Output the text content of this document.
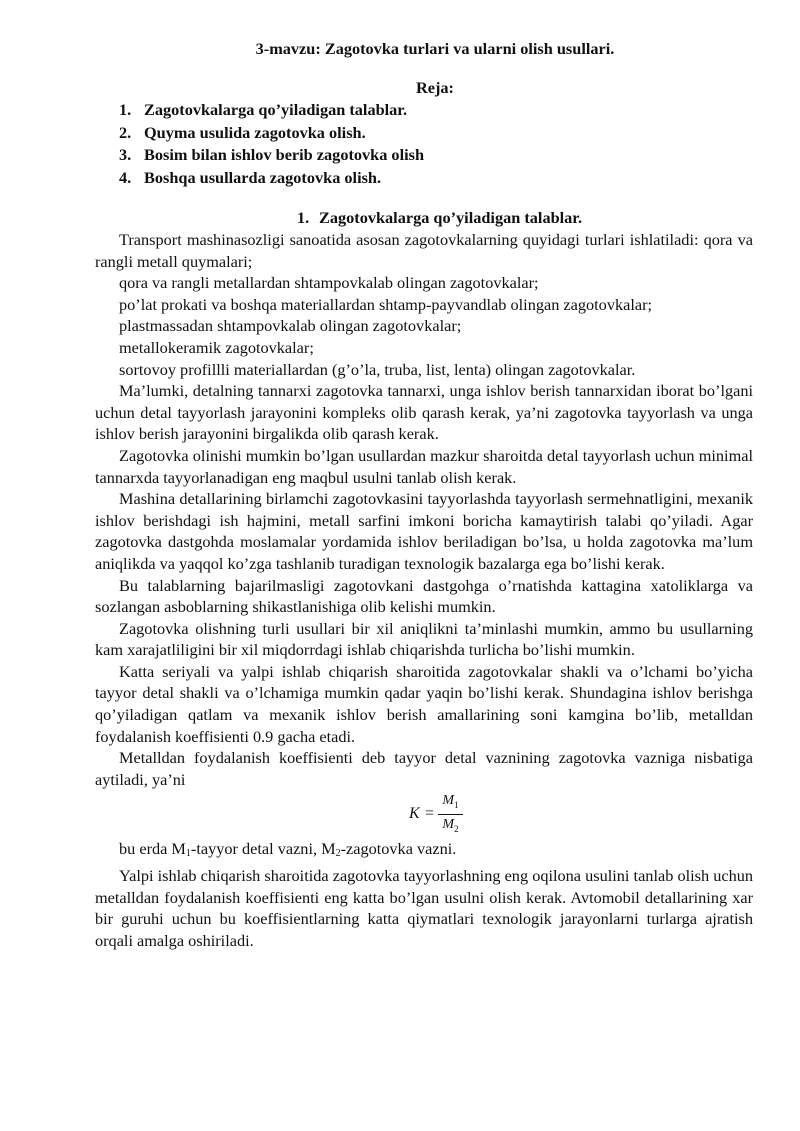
3-mavzu: Zagotovka turlari va ularni olish usullari.
Reja:
1. Zagotovkalarga qo’yiladigan talablar.
2. Quyma usulida zagotovka olish.
3. Bosim bilan ishlov berib zagotovka olish
4. Boshqa usullarda zagotovka olish.
1. Zagotovkalarga qo’yiladigan talablar.

Transport mashinasozligi sanoatida asosan zagotovkalarning quyidagi turlari ishlatiladi: qora va rangli metall quymalari;

qora va rangli metallardan shtampovkalab olingan zagotovkalar;

po’lat prokati va boshqa materiallardan shtamp-payvandlab olingan zagotovkalar;

plastmassadan shtampovkalab olingan zagotovkalar;

metallokeramik zagotovkalar;

sortovoy profillli materiallardan (g’o’la, truba, list, lenta) olingan zagotovkalar.

Ma’lumki, detalning tannarxi zagotovka tannarxi, unga ishlov berish tannarxidan iborat bo’lgani uchun detal tayyorlash jarayonini kompleks olib qarash kerak, ya’ni zagotovka tayyorlash va unga ishlov berish jarayonini birgalikda olib qarash kerak.

Zagotovka olinishi mumkin bo’lgan usullardan mazkur sharoitda detal tayyorlash uchun minimal tannarxda tayyorlanadigan eng maqbul usulni tanlab olish kerak.

Mashina detallarining birlamchi zagotovkasini tayyorlashda tayyorlash sermehnatligini, mexanik ishlov berishdagi ish hajmini, metall sarfini imkoni boricha kamaytirish talabi qo’yiladi. Agar zagotovka dastgohda moslamalar yordamida ishlov beriladigan bo’lsa, u holda zagotovka ma’lum aniqlikda va yaqqol ko’zga tashlanib turadigan texnologik bazalarga ega bo’lishi kerak.

Bu talablarning bajarilmasligi zagotovkani dastgohga o’rnatishda kattagina xatoliklarga va sozlangan asboblarning shikastlanishiga olib kelishi mumkin.

Zagotovka olishning turli usullari bir xil aniqlikni ta’minlashi mumkin, ammo bu usullarning kam xarajatliligini bir xil miqdorrdagi ishlab chiqarishda turlicha bo’lishi mumkin.

Katta seriyali va yalpi ishlab chiqarish sharoitida zagotovkalar shakli va o’lchami bo’yicha tayyor detal shakli va o’lchamiga mumkin qadar yaqin bo’lishi kerak. Shundagina ishlov berishga qo’yiladigan qatlam va mexanik ishlov berish amallarining soni kamgina bo’lib, metalldan foydalanish koeffisienti 0.9 gacha etadi.

Metalldan foydalanish koeffisienti deb tayyor detal vaznining zagotovka vazniga nisbatiga aytiladi, ya’ni

$K = \frac{M_1}{M_2}$

bu erda $M_1$-tayyor detal vazni, $M_2$-zagotovka vazni.

Yalpi ishlab chiqarish sharoitida zagotovka tayyorlashning eng oqilona usulini tanlab olish uchun metalldan foydalanish koeffisienti eng katta bo’lgan usulni olish kerak. Avtomobil detallarining xar bir guruhi uchun bu koeffisientlarning katta qiymatlari texnologik jarayonlarni turlarga ajratish orqali amalga oshiriladi.
